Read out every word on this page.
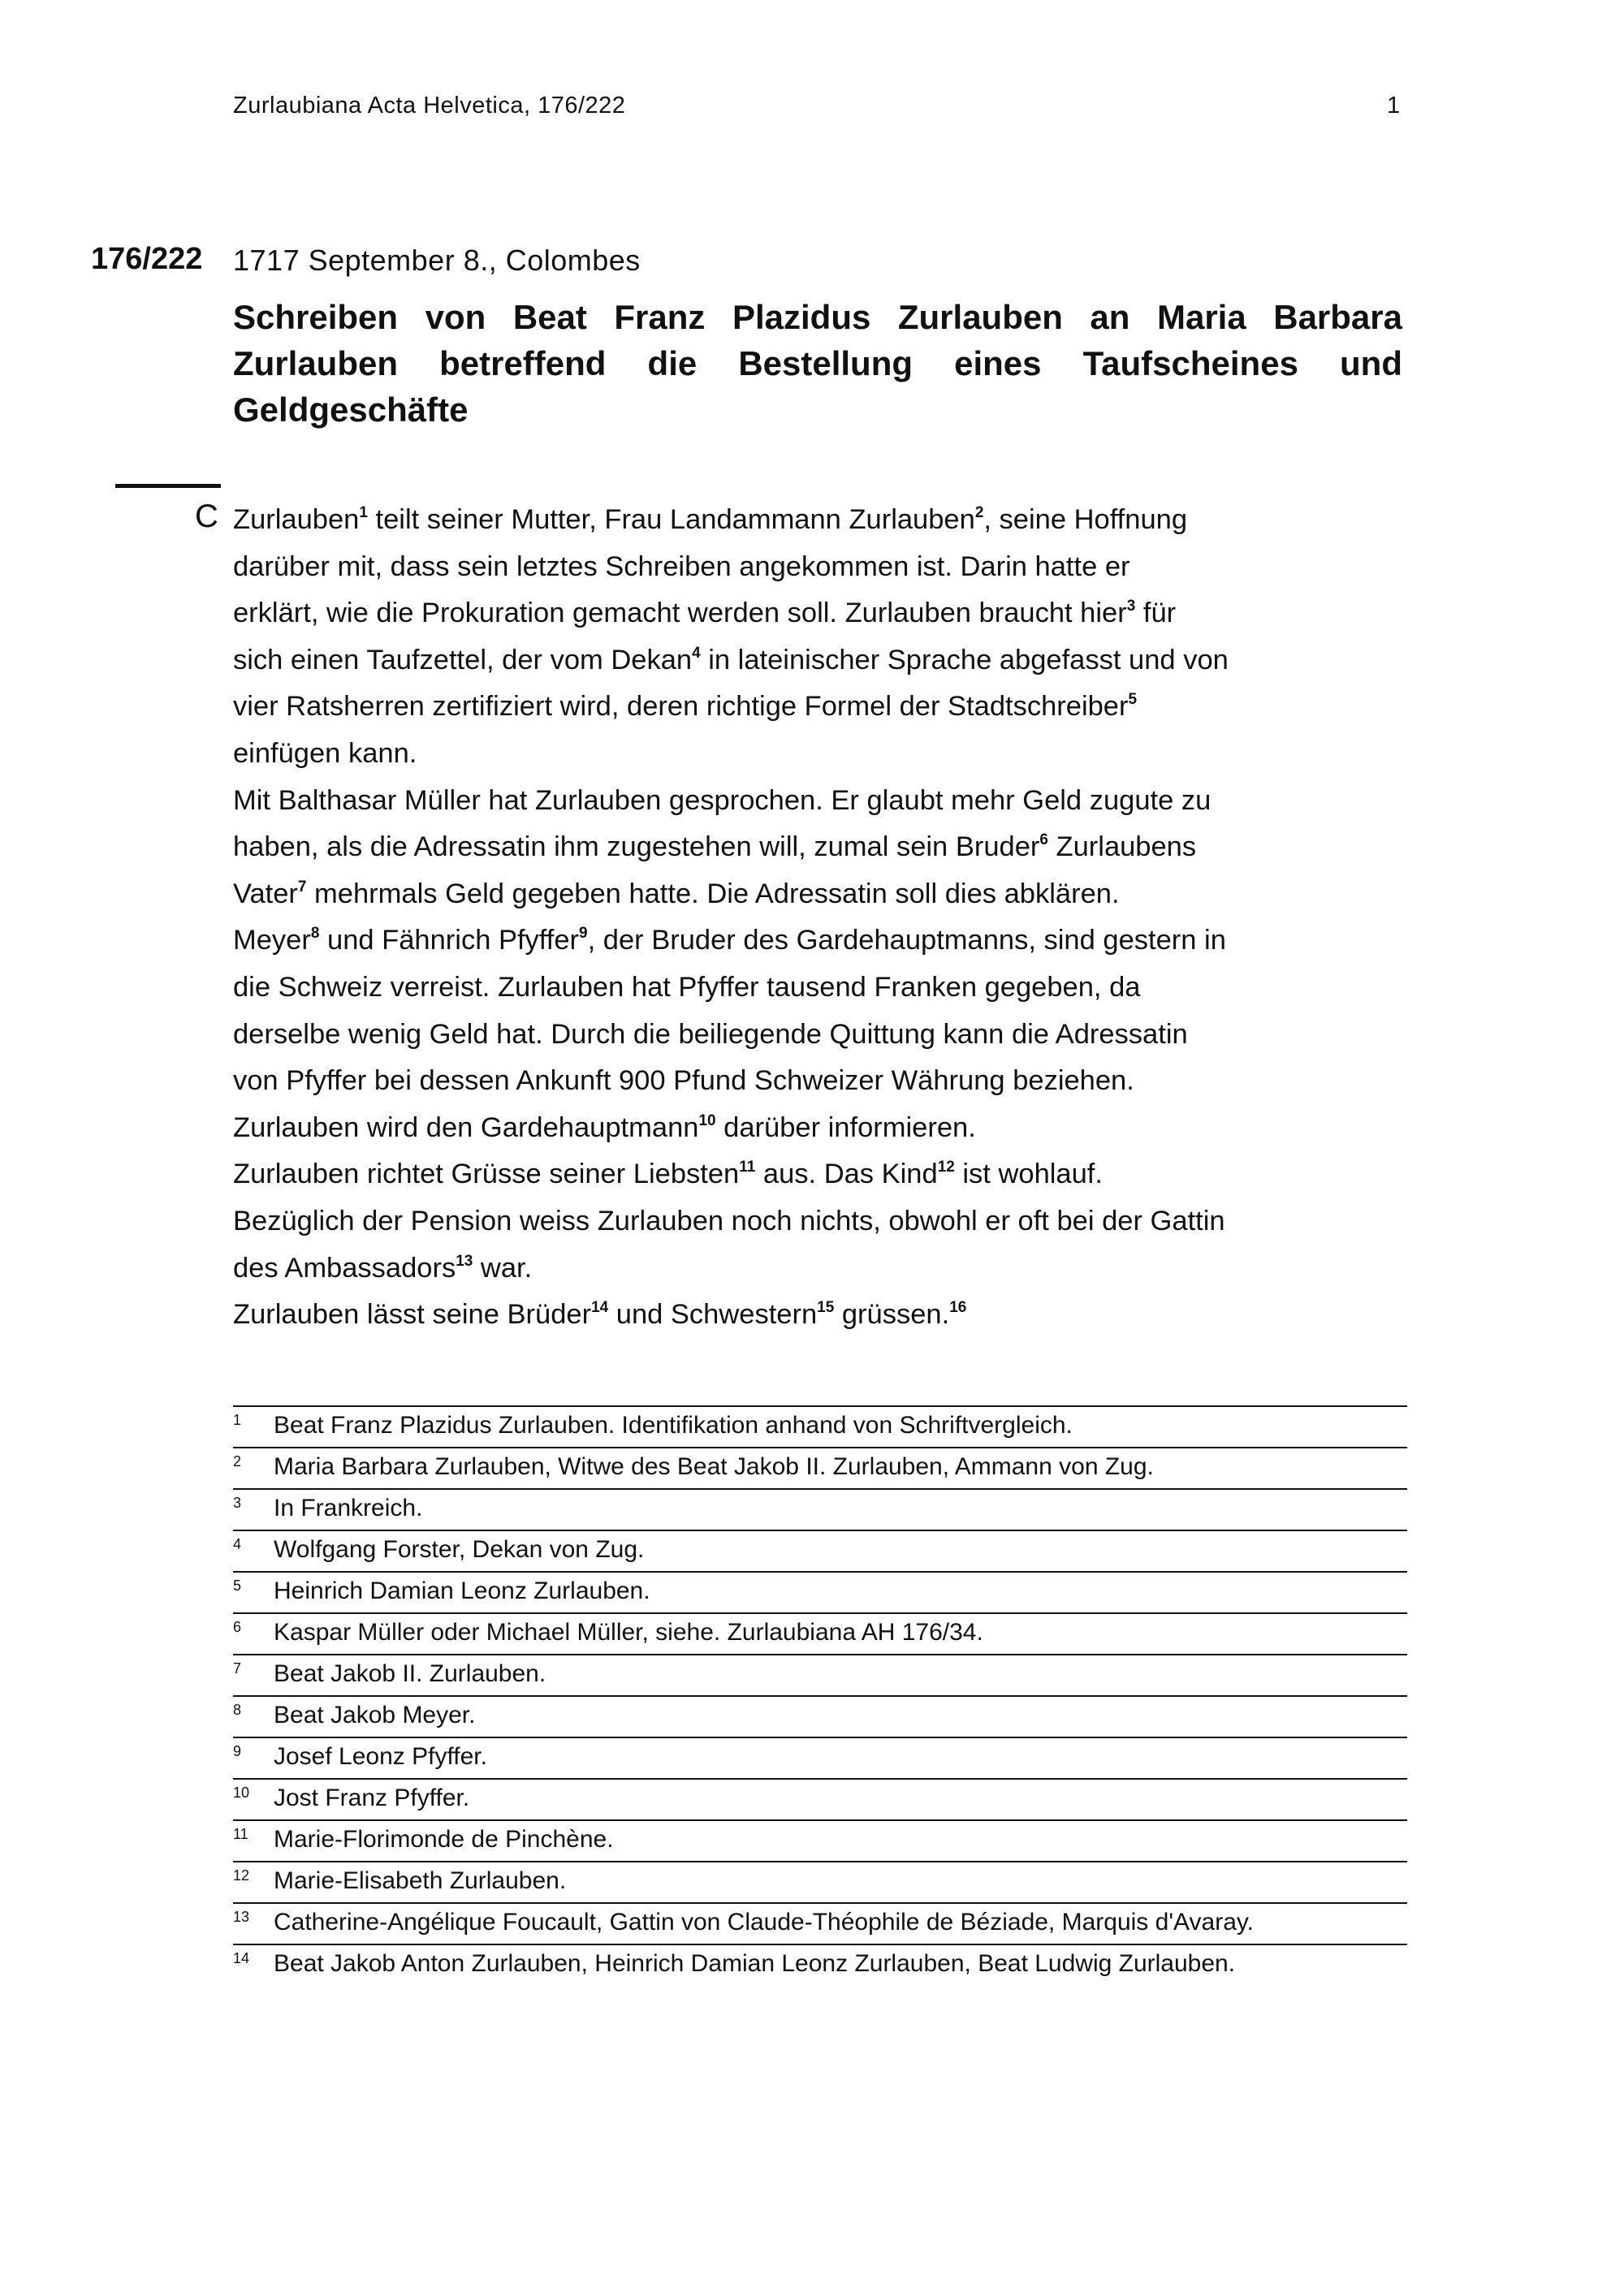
Zurlaubiana Acta Helvetica, 176/222	1
176/222 1717 September 8., Colombes
Schreiben von Beat Franz Plazidus Zurlauben an Maria Barbara Zurlauben betreffend die Bestellung eines Taufscheines und Geldgeschäfte
C Zurlauben$^1$ teilt seiner Mutter, Frau Landammann Zurlauben$^2$, seine Hoffnung
darüber mit, dass sein letztes Schreiben angekommen ist. Darin hatte er
erklärt, wie die Prokuration gemacht werden soll. Zurlauben braucht hier$^3$ für
sich einen Taufzettel, der vom Dekan$^4$ in lateinischer Sprache abgefasst und von
vier Ratsherren zertifiziert wird, deren richtige Formel der Stadtschreiber$^5$
einfügen kann.
Mit Balthasar Müller hat Zurlauben gesprochen. Er glaubt mehr Geld zugute zu
haben, als die Adressatin ihm zugestehen will, zumal sein Bruder$^6$ Zurlaubens
Vater$^7$ mehrmals Geld gegeben hatte. Die Adressatin soll dies abklären.
Meyer$^8$ und Fähnrich Pfyffer$^9$, der Bruder des Gardehauptmanns, sind gestern in
die Schweiz verreist. Zurlauben hat Pfyffer tausend Franken gegeben, da
derselbe wenig Geld hat. Durch die beiliegende Quittung kann die Adressatin
von Pfyffer bei dessen Ankunft 900 Pfund Schweizer Währung beziehen.
Zurlauben wird den Gardehauptmann$^{10}$ darüber informieren.
Zurlauben richtet Grüsse seiner Liebsten$^{11}$ aus. Das Kind$^{12}$ ist wohlauf.
Bezüglich der Pension weiss Zurlauben noch nichts, obwohl er oft bei der Gattin
des Ambassadors$^{13}$ war.
Zurlauben lässt seine Brüder$^{14}$ und Schwestern$^{15}$ grüssen.$^{16}$
1	Beat Franz Plazidus Zurlauben. Identifikation anhand von Schriftvergleich.
2	Maria Barbara Zurlauben, Witwe des Beat Jakob II. Zurlauben, Ammann von Zug.
3	In Frankreich.
4	Wolfgang Forster, Dekan von Zug.
5	Heinrich Damian Leonz Zurlauben.
6	Kaspar Müller oder Michael Müller, siehe. Zurlaubiana AH 176/34.
7	Beat Jakob II. Zurlauben.
8	Beat Jakob Meyer.
9	Josef Leonz Pfyffer.
10 Jost Franz Pfyffer.
11	Marie-Florimonde de Pinchène.
12 Marie-Elisabeth Zurlauben.
13 Catherine-Angélique Foucault, Gattin von Claude-Théophile de Béziade, Marquis d'Avaray.
14 Beat Jakob Anton Zurlauben, Heinrich Damian Leonz Zurlauben, Beat Ludwig Zurlauben.
